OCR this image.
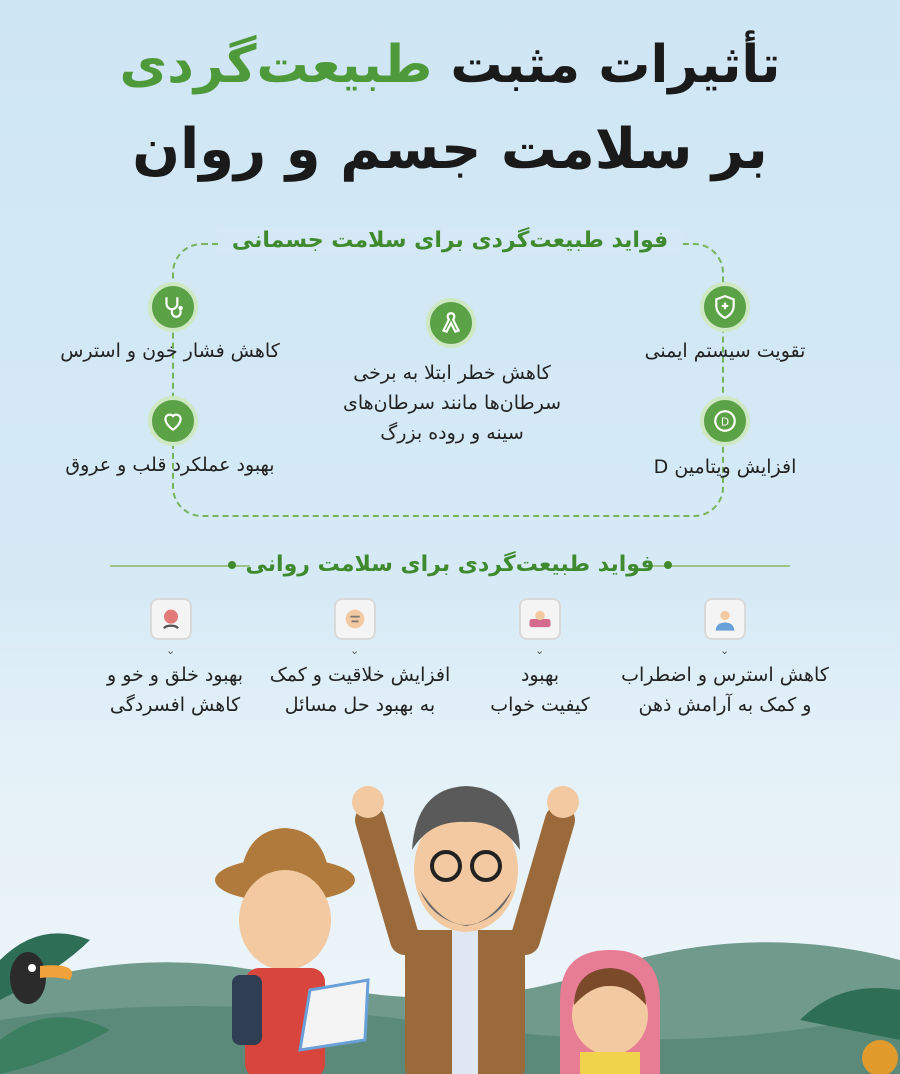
تأثیرات مثبت طبیعت‌گردی
بر سلامت جسم و روان
فواید طبیعت‌گردی برای سلامت جسمانی
تقویت سیستم ایمنی
D
افزایش ویتامین D
کاهش خطر ابتلا به برخی
سرطان‌ها مانند سرطان‌های
سینه و روده بزرگ
کاهش فشار خون و استرس
بهبود عملکرد قلب و عروق
فواید طبیعت‌گردی برای سلامت روانی
⌄
کاهش استرس و اضطراب
و کمک به آرامش ذهن
⌄
بهبود
کیفیت خواب
⌄
افزایش خلاقیت و کمک
به بهبود حل مسائل
⌄
بهبود خلق و خو و
کاهش افسردگی
